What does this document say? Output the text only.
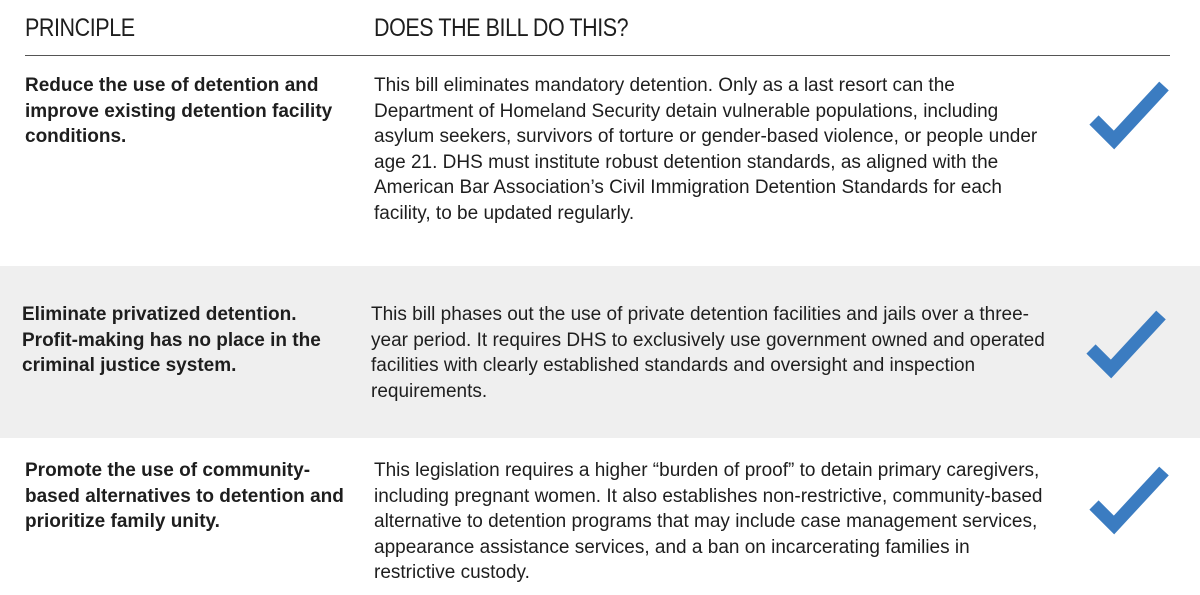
PRINCIPLE	DOES THE BILL DO THIS?
Reduce the use of detention and improve existing detention facility conditions.
This bill eliminates mandatory detention. Only as a last resort can the Department of Homeland Security detain vulnerable populations, including asylum seekers, survivors of torture or gender-based violence, or people under age 21. DHS must institute robust detention standards, as aligned with the American Bar Association’s Civil Immigration Detention Standards for each facility, to be updated regularly.
Eliminate privatized detention. Profit-making has no place in the criminal justice system.
This bill phases out the use of private detention facilities and jails over a three-year period. It requires DHS to exclusively use government owned and operated facilities with clearly established standards and oversight and inspection requirements.
Promote the use of community-based alternatives to detention and prioritize family unity.
This legislation requires a higher “burden of proof” to detain primary caregivers, including pregnant women. It also establishes non-restrictive, community-based alternative to detention programs that may include case management services, appearance assistance services, and a ban on incarcerating families in restrictive custody.
